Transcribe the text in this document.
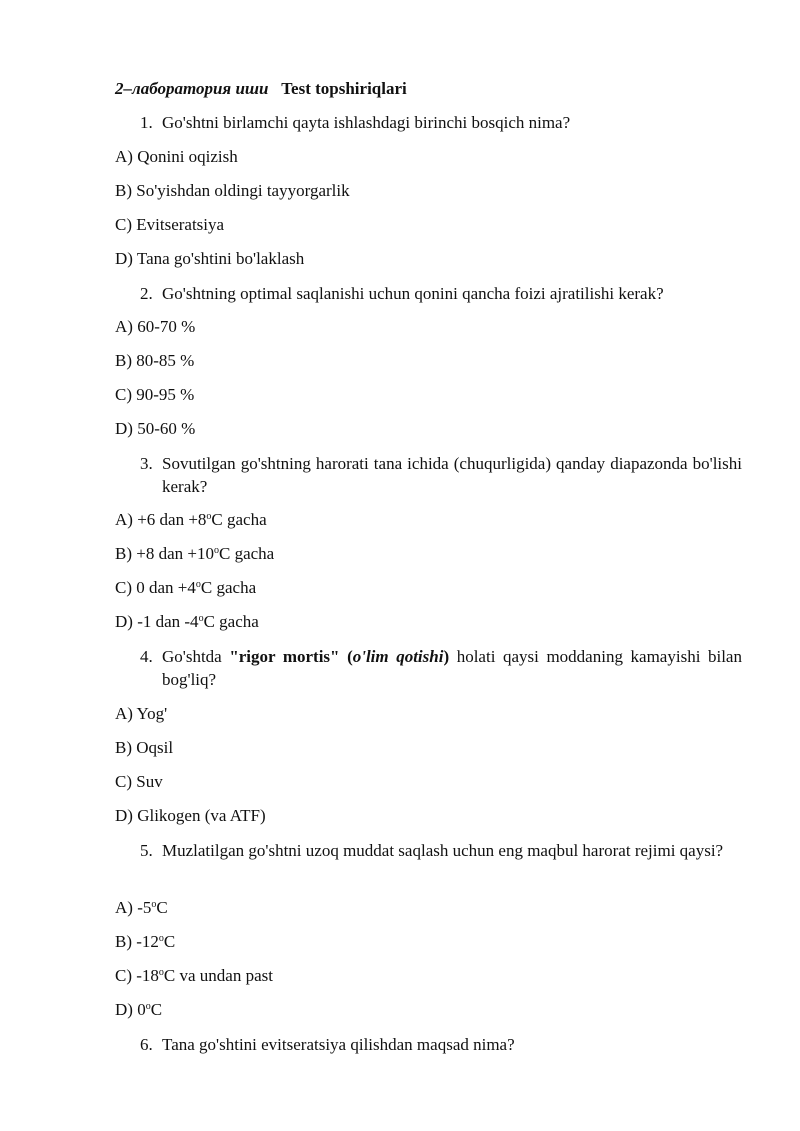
2–лаборатория иши Test topshiriqlari
1. Go'shtni birlamchi qayta ishlashdagi birinchi bosqich nima?
A) Qonini oqizish
B) So'yishdan oldingi tayyorgarlik
C) Evitseratsiya
D) Tana go'shtini bo'laklash
2. Go'shtning optimal saqlanishi uchun qonini qancha foizi ajratilishi kerak?
A) 60-70 %
B) 80-85 %
C) 90-95 %
D) 50-60 %
3. Sovutilgan go'shtning harorati tana ichida (chuqurligida) qanday diapazonda bo'lishi kerak?
A) +6 dan $+8^oC$ gacha
B) +8 dan $+10^oC$ gacha
C) 0 dan $+4^oC$ gacha
D) -1 dan -4$^o$C gacha
4. Go'shtda "rigor mortis" (o'lim qotishi) holati qaysi moddaning kamayishi bilan bog'liq?
A) Yog'
B) Oqsil
C) Suv
D) Glikogen (va ATF)
5. Muzlatilgan go'shtni uzoq muddat saqlash uchun eng maqbul harorat rejimi qaysi?
A) -5$^o$C
B) -12$^o$C
C) -18$^o$C va undan past
D) 0$^o$C
6. Tana go'shtini evitseratsiya qilishdan maqsad nima?
